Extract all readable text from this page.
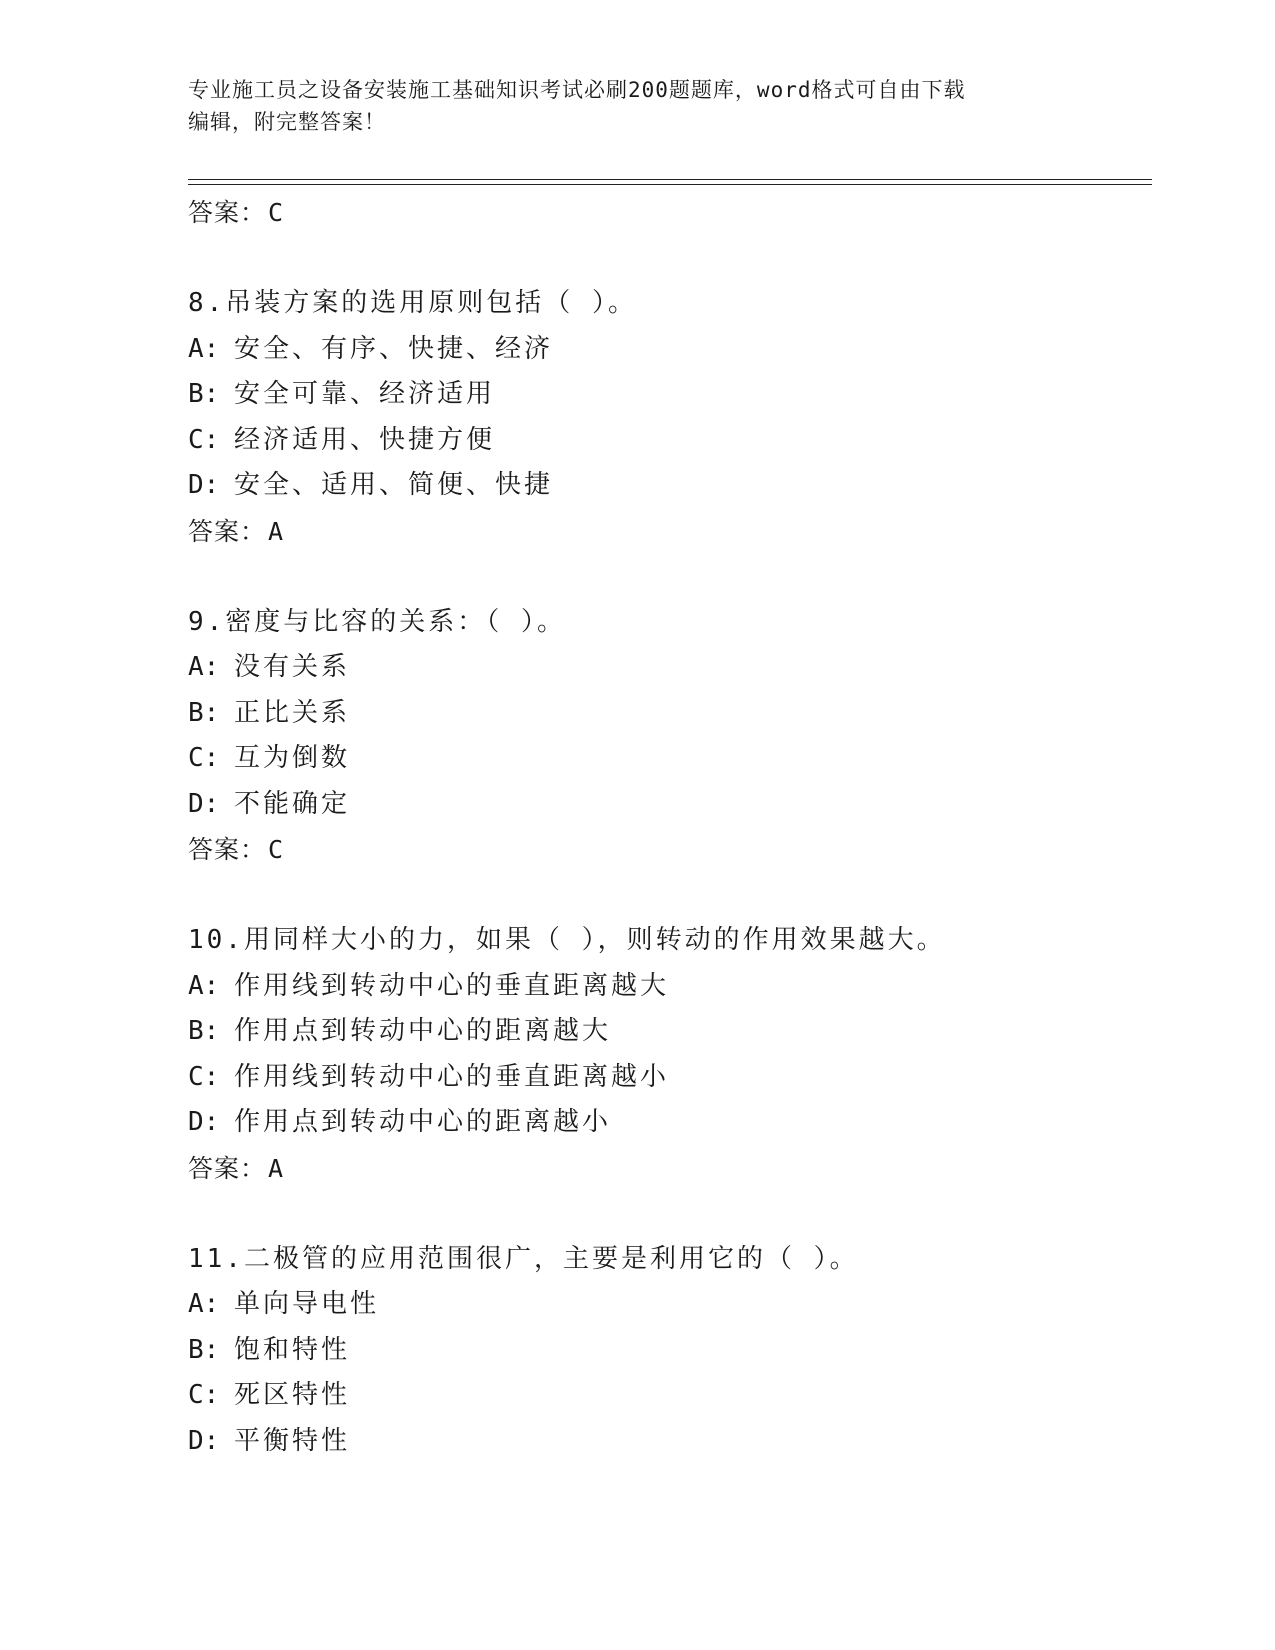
专业施工员之设备安装施工基础知识考试必刷200题题库，word格式可自由下载
编辑，附完整答案！
答案：C
8.吊装方案的选用原则包括（ ）。
A: 安全、有序、快捷、经济
B: 安全可靠、经济适用
C: 经济适用、快捷方便
D: 安全、适用、简便、快捷
答案：A
9.密度与比容的关系：（ ）。
A: 没有关系
B: 正比关系
C: 互为倒数
D: 不能确定
答案：C
10.用同样大小的力，如果（ ），则转动的作用效果越大。
A: 作用线到转动中心的垂直距离越大
B: 作用点到转动中心的距离越大
C: 作用线到转动中心的垂直距离越小
D: 作用点到转动中心的距离越小
答案：A
11.二极管的应用范围很广，主要是利用它的（ ）。
A: 单向导电性
B: 饱和特性
C: 死区特性
D: 平衡特性
